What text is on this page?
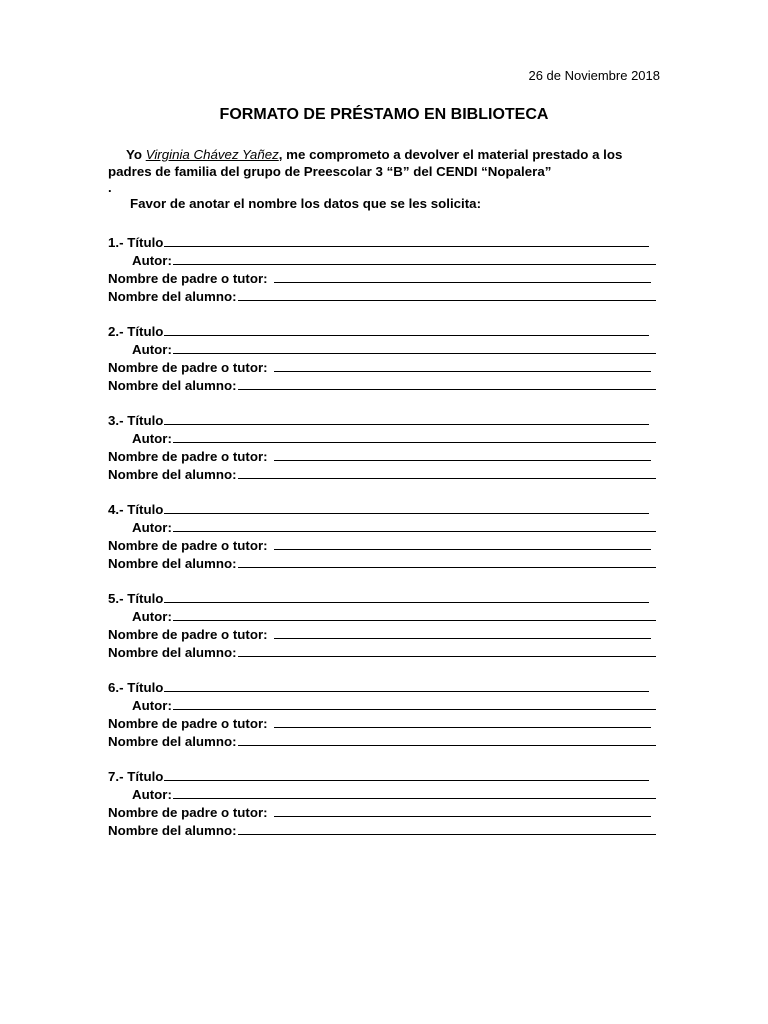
26 de Noviembre 2018
FORMATO DE PRÉSTAMO EN BIBLIOTECA
Yo Virginia Chávez Yañez, me comprometo a devolver el material prestado a los padres de familia del grupo de Preescolar 3 “B” del CENDI “Nopalera”
.
Favor de anotar el nombre los datos que se les solicita:
1.- Título
Autor:
Nombre de padre o tutor:
Nombre del alumno:
2.- Título
Autor:
Nombre de padre o tutor:
Nombre del alumno:
3.- Título
Autor:
Nombre de padre o tutor:
Nombre del alumno:
4.- Título
Autor:
Nombre de padre o tutor:
Nombre del alumno:
5.- Título
Autor:
Nombre de padre o tutor:
Nombre del alumno:
6.- Título
Autor:
Nombre de padre o tutor:
Nombre del alumno:
7.- Título
Autor:
Nombre de padre o tutor:
Nombre del alumno:
